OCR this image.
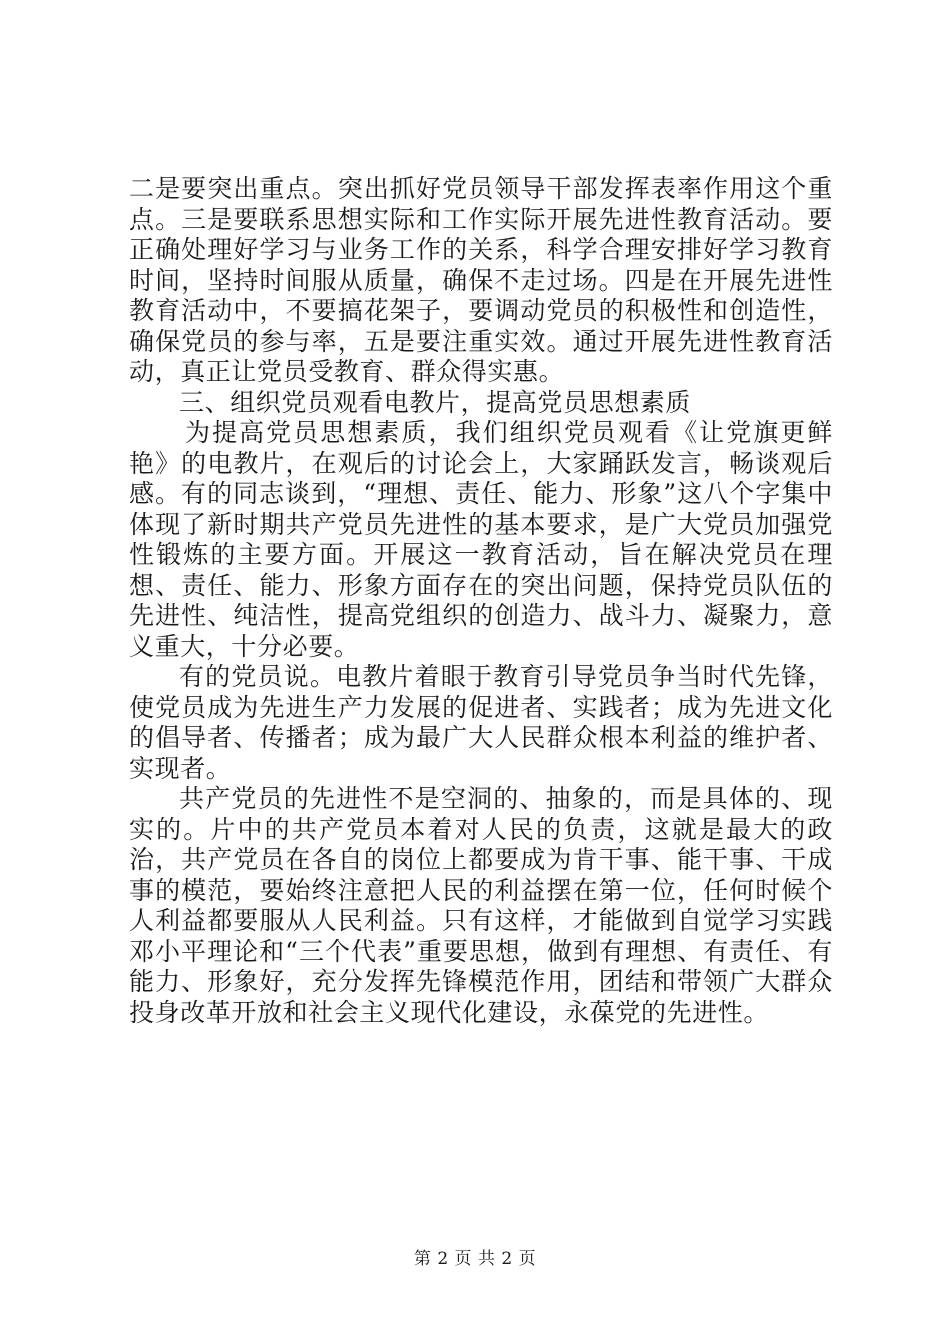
二是要突出重点。突出抓好党员领导干部发挥表率作用这个重点。三是要联系思想实际和工作实际开展先进性教育活动。要正确处理好学习与业务工作的关系，科学合理安排好学习教育时间，坚持时间服从质量，确保不走过场。四是在开展先进性教育活动中，不要搞花架子，要调动党员的积极性和创造性，确保党员的参与率，五是要注重实效。通过开展先进性教育活动，真正让党员受教育、群众得实惠。

三、组织党员观看电教片，提高党员思想素质

为提高党员思想素质，我们组织党员观看《让党旗更鲜艳》的电教片，在观后的讨论会上，大家踊跃发言，畅谈观后感。有的同志谈到，“理想、责任、能力、形象”这八个字集中体现了新时期共产党员先进性的基本要求，是广大党员加强党性锻炼的主要方面。开展这一教育活动，旨在解决党员在理想、责任、能力、形象方面存在的突出问题，保持党员队伍的先进性、纯洁性，提高党组织的创造力、战斗力、凝聚力，意义重大，十分必要。

有的党员说。电教片着眼于教育引导党员争当时代先锋，使党员成为先进生产力发展的促进者、实践者；成为先进文化的倡导者、传播者；成为最广大人民群众根本利益的维护者、实现者。

共产党员的先进性不是空洞的、抽象的，而是具体的、现实的。片中的共产党员本着对人民的负责，这就是最大的政治，共产党员在各自的岗位上都要成为肯干事、能干事、干成事的模范，要始终注意把人民的利益摆在第一位，任何时候个人利益都要服从人民利益。只有这样，才能做到自觉学习实践邓小平理论和“三个代表”重要思想，做到有理想、有责任、有能力、形象好，充分发挥先锋模范作用，团结和带领广大群众投身改革开放和社会主义现代化建设，永葆党的先进性。

第 2 页 共 2 页
